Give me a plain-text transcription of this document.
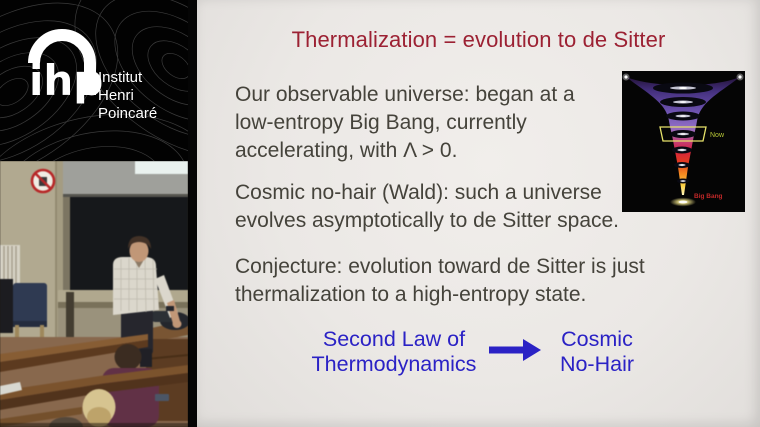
ihp
Institut
Henri
Poincaré
Thermalization = evolution to de Sitter
Our observable universe: began at a
low-entropy Big Bang, currently
accelerating, with Λ > 0.
Cosmic no-hair (Wald): such a universe
evolves asymptotically to de Sitter space.
Conjecture: evolution toward de Sitter is just
thermalization to a high-entropy state.
Now
Big Bang
Second Law of
Thermodynamics
Cosmic
No-Hair
